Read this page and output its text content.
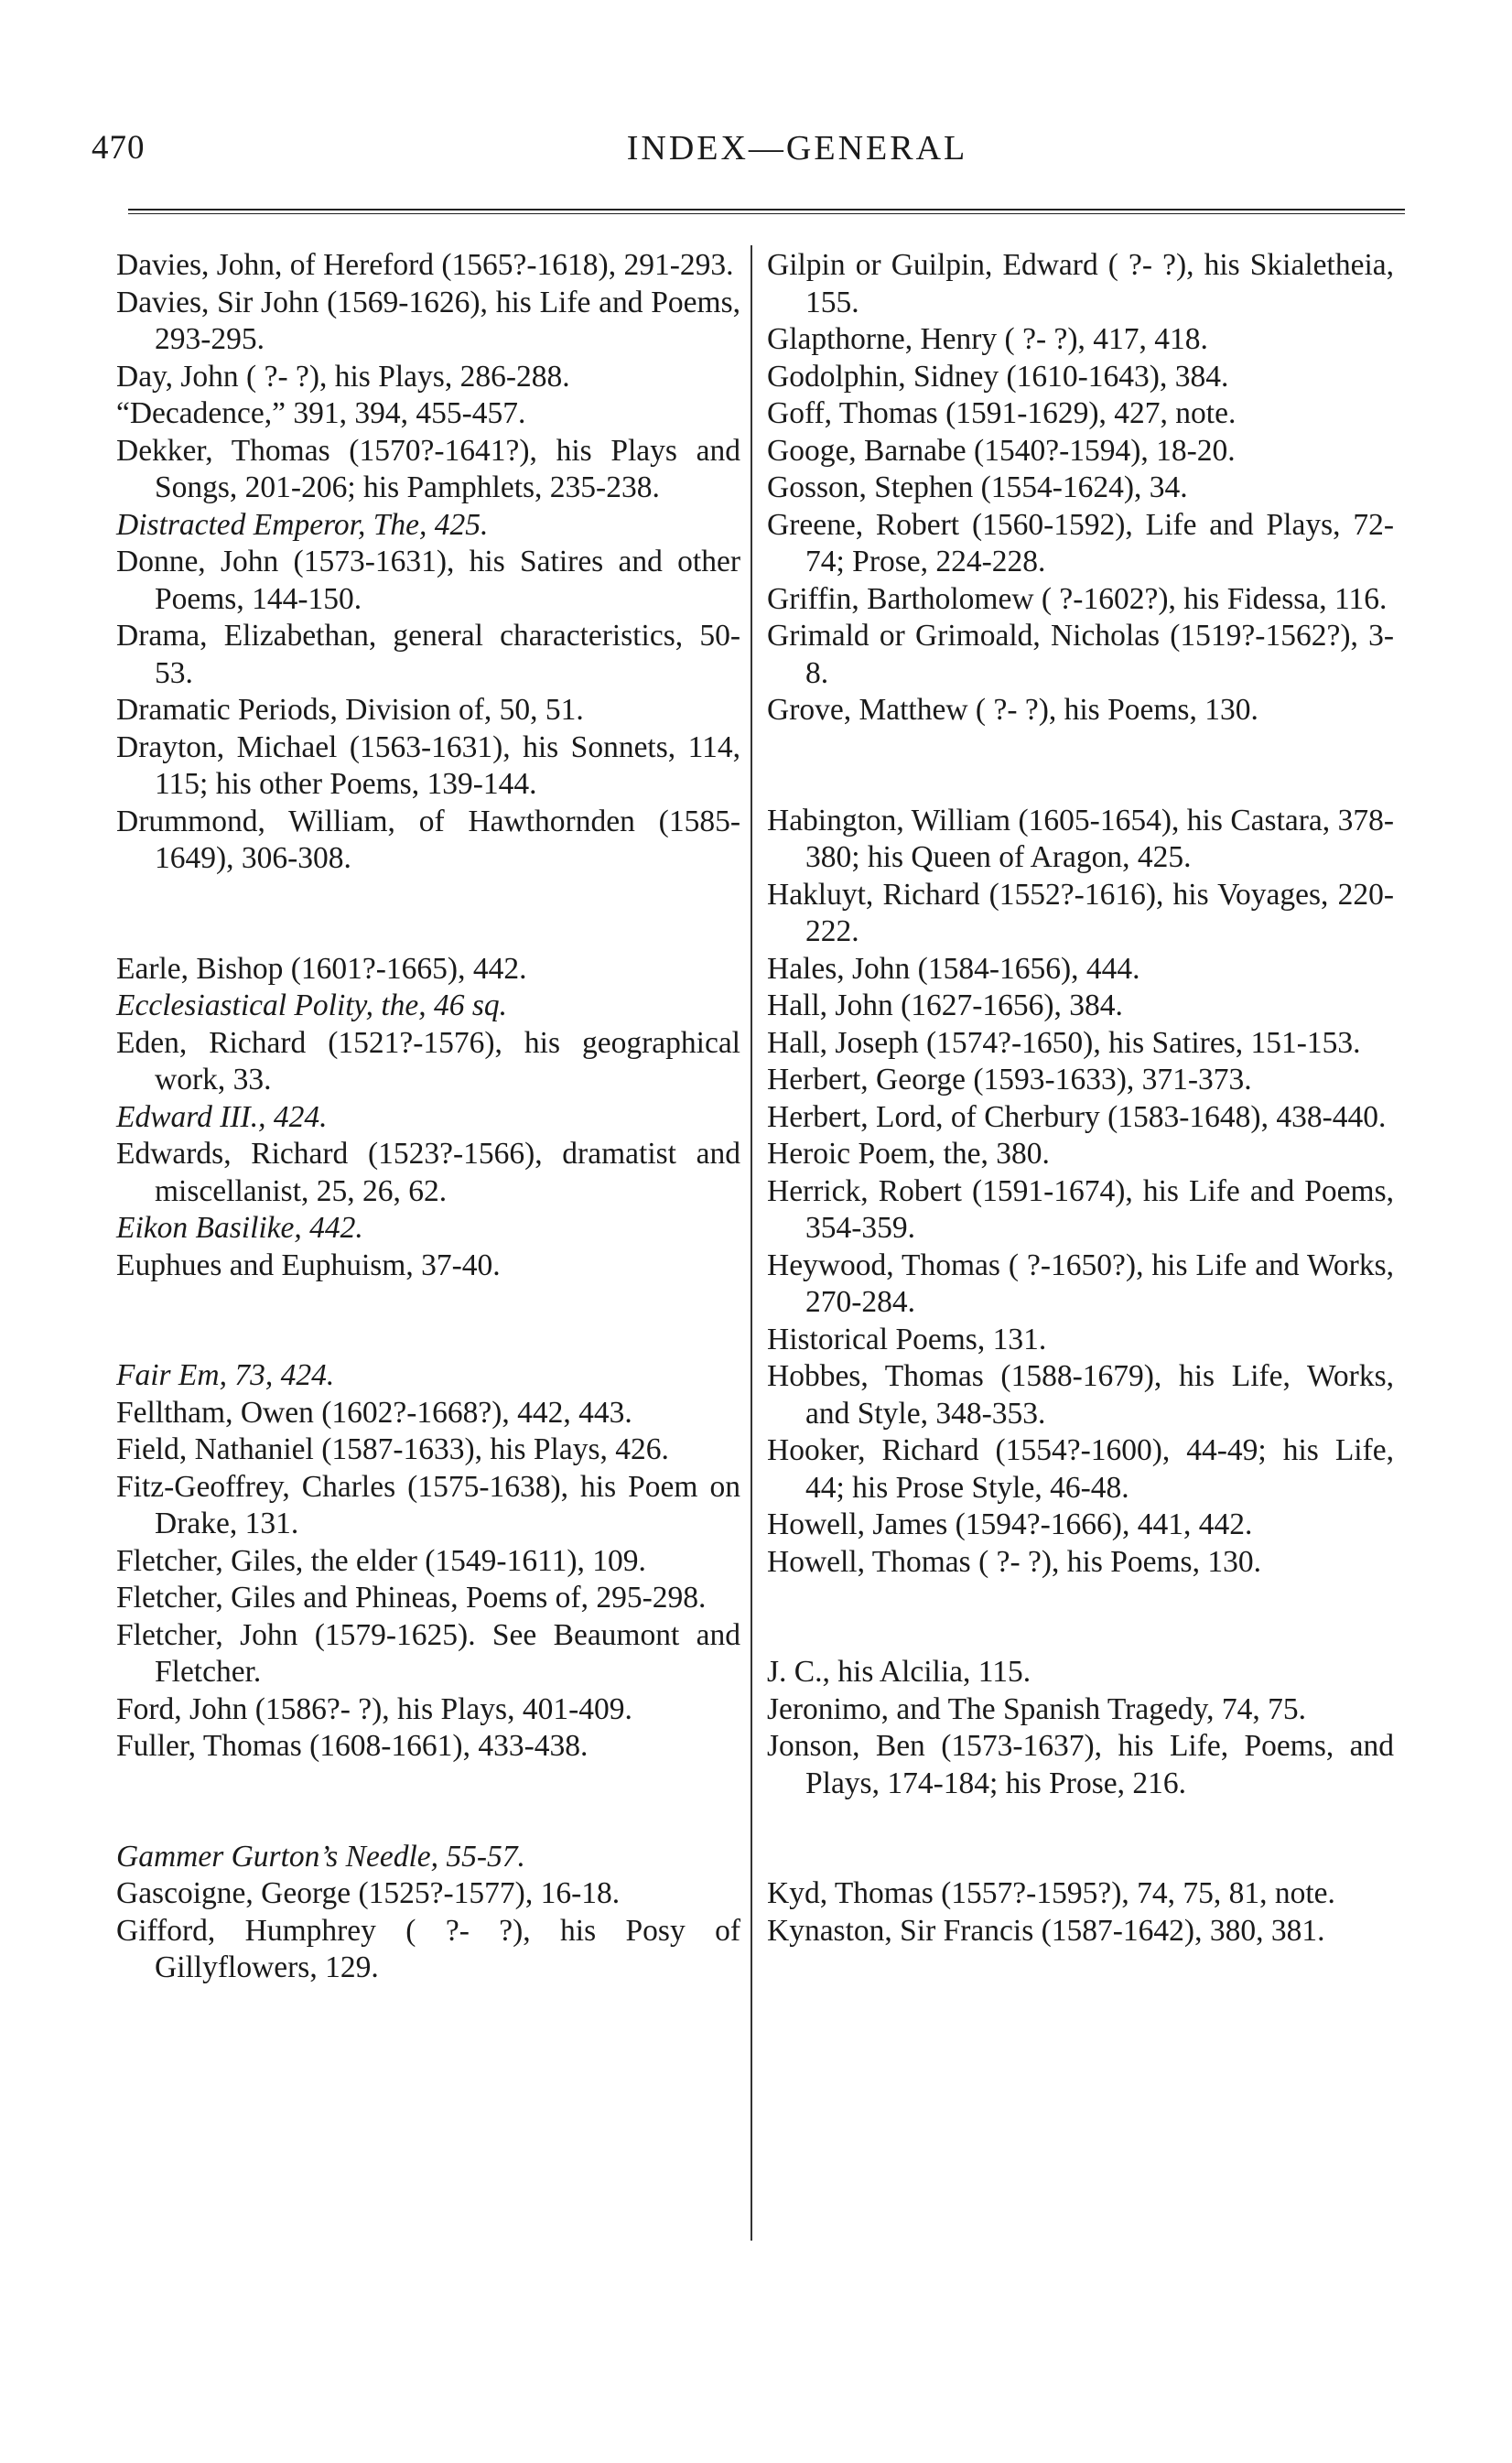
470	INDEX—GENERAL

Davies, John, of Hereford (1565?-1618), 291-293.

Davies, Sir John (1569-1626), his Life and Poems, 293-295.

Day, John ( ?- ?), his Plays, 286-288.

“Decadence,” 391, 394, 455-457.

Dekker, Thomas (1570?-1641?), his Plays and Songs, 201-206; his Pamphlets, 235-238.

Distracted Emperor, The, 425.

Donne, John (1573-1631), his Satires and other Poems, 144-150.

Drama, Elizabethan, general characteristics, 50-53.

Dramatic Periods, Division of, 50, 51.

Drayton, Michael (1563-1631), his Sonnets, 114, 115; his other Poems, 139-144.

Drummond, William, of Hawthornden (1585-1649), 306-308.

Earle, Bishop (1601?-1665), 442.

Ecclesiastical Polity, the, 46 sq.

Eden, Richard (1521?-1576), his geographical work, 33.

Edward III., 424.

Edwards, Richard (1523?-1566), dramatist and miscellanist, 25, 26, 62.

Eikon Basilike, 442.

Euphues and Euphuism, 37-40.

Fair Em, 73, 424.

Felltham, Owen (1602?-1668?), 442, 443.

Field, Nathaniel (1587-1633), his Plays, 426.

Fitz-Geoffrey, Charles (1575-1638), his Poem on Drake, 131.

Fletcher, Giles, the elder (1549-1611), 109.

Fletcher, Giles and Phineas, Poems of, 295-298.

Fletcher, John (1579-1625). See Beaumont and Fletcher.

Ford, John (1586?- ?), his Plays, 401-409.

Fuller, Thomas (1608-1661), 433-438.

Gammer Gurton’s Needle, 55-57.

Gascoigne, George (1525?-1577), 16-18.

Gifford, Humphrey ( ?- ?), his Posy of Gillyflowers, 129.

Gilpin or Guilpin, Edward ( ?- ?), his Skialetheia, 155.

Glapthorne, Henry ( ?- ?), 417, 418.

Godolphin, Sidney (1610-1643), 384.

Goff, Thomas (1591-1629), 427, note.

Googe, Barnabe (1540?-1594), 18-20.

Gosson, Stephen (1554-1624), 34.

Greene, Robert (1560-1592), Life and Plays, 72-74; Prose, 224-228.

Griffin, Bartholomew ( ?-1602?), his Fidessa, 116.

Grimald or Grimoald, Nicholas (1519?-1562?), 3-8.

Grove, Matthew ( ?- ?), his Poems, 130.

Habington, William (1605-1654), his Castara, 378-380; his Queen of Aragon, 425.

Hakluyt, Richard (1552?-1616), his Voyages, 220-222.

Hales, John (1584-1656), 444.

Hall, John (1627-1656), 384.

Hall, Joseph (1574?-1650), his Satires, 151-153.

Herbert, George (1593-1633), 371-373.

Herbert, Lord, of Cherbury (1583-1648), 438-440.

Heroic Poem, the, 380.

Herrick, Robert (1591-1674), his Life and Poems, 354-359.

Heywood, Thomas ( ?-1650?), his Life and Works, 270-284.

Historical Poems, 131.

Hobbes, Thomas (1588-1679), his Life, Works, and Style, 348-353.

Hooker, Richard (1554?-1600), 44-49; his Life, 44; his Prose Style, 46-48.

Howell, James (1594?-1666), 441, 442.

Howell, Thomas ( ?- ?), his Poems, 130.

J. C., his Alcilia, 115.

Jeronimo, and The Spanish Tragedy, 74, 75.

Jonson, Ben (1573-1637), his Life, Poems, and Plays, 174-184; his Prose, 216.

Kyd, Thomas (1557?-1595?), 74, 75, 81, note.

Kynaston, Sir Francis (1587-1642), 380, 381.
